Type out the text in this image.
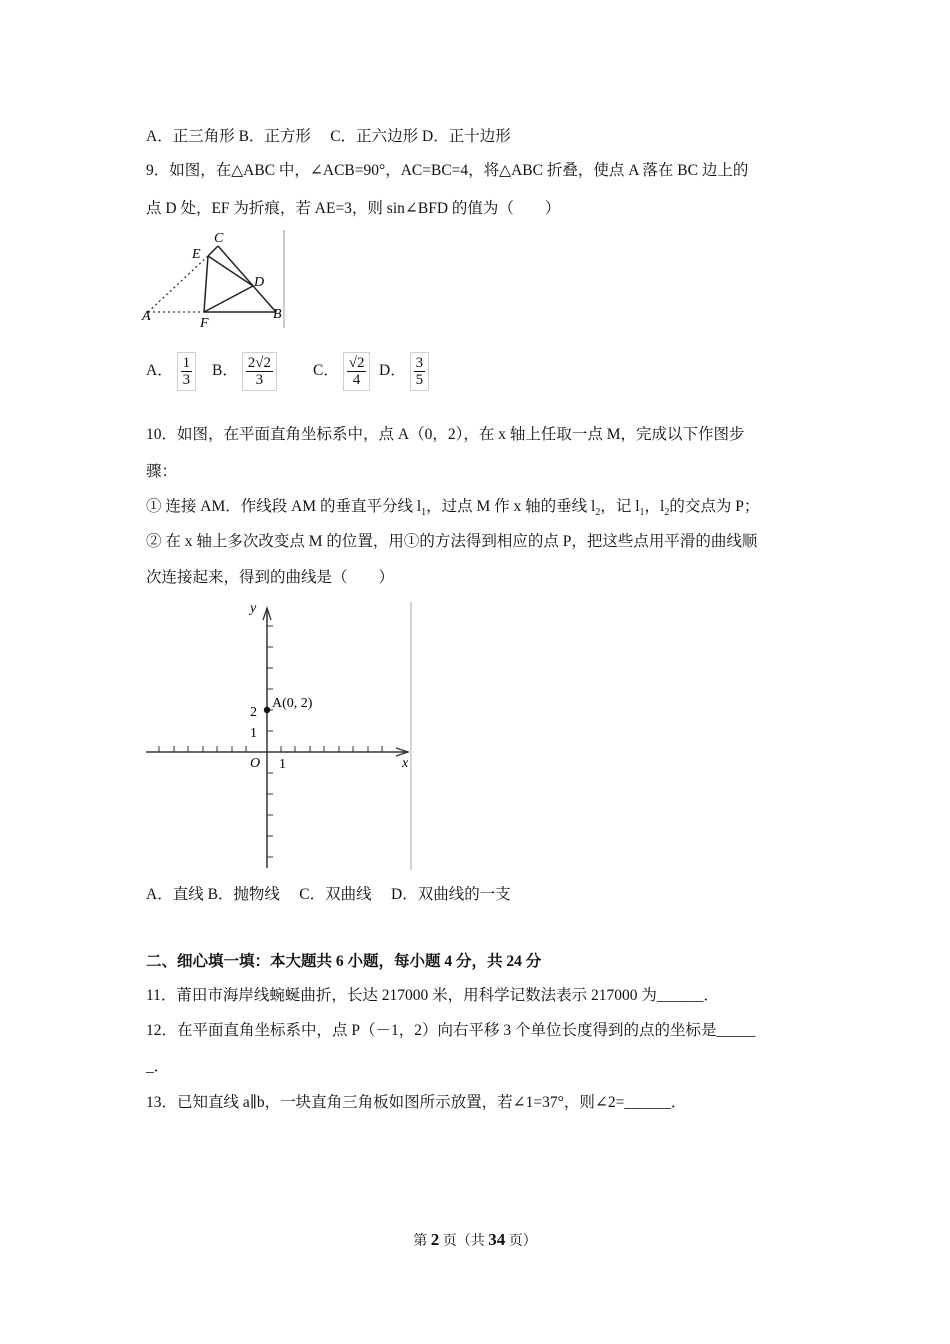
A．正三角形 B．正方形　 C．正六边形 D．正十边形
9．如图，在△ABC 中，∠ACB=90°，AC=BC=4，将△ABC 折叠，使点 A 落在 BC 边上的
点 D 处，EF 为折痕，若 AE=3，则 sin∠BFD 的值为（　　）
C
E
D
B
A	F
A． $\frac{1}{3}$ B． $\frac{2√2}{3}$ C． $\frac{√2}{4}$ D． $\frac{3}{5}$
10．如图，在平面直角坐标系中，点 A（0，2），在 x 轴上任取一点 M，完成以下作图步
骤：
① 连接 AM．作线段 AM 的垂直平分线 $l_1$，过点 M 作 x 轴的垂线 $l_2$，记 $l_1$，$l_2$的交点为 P；
② 在 x 轴上多次改变点 M 的位置，用①的方法得到相应的点 P，把这些点用平滑的曲线顺
次连接起来，得到的曲线是（　　）
y
x
O 1
1
2
A(0, 2)
A．直线 B．抛物线　 C．双曲线　 D．双曲线的一支
二、细心填一填：本大题共 6 小题，每小题 4 分，共 24 分
11．莆田市海岸线蜿蜒曲折，长达 217000 米，用科学记数法表示 217000 为______．
12．在平面直角坐标系中，点 P（－1，2）向右平移 3 个单位长度得到的点的坐标是_____
_．
13．已知直线 a∥b，一块直角三角板如图所示放置，若∠1=37°，则∠2=______．
第 2 页（共 34 页）
